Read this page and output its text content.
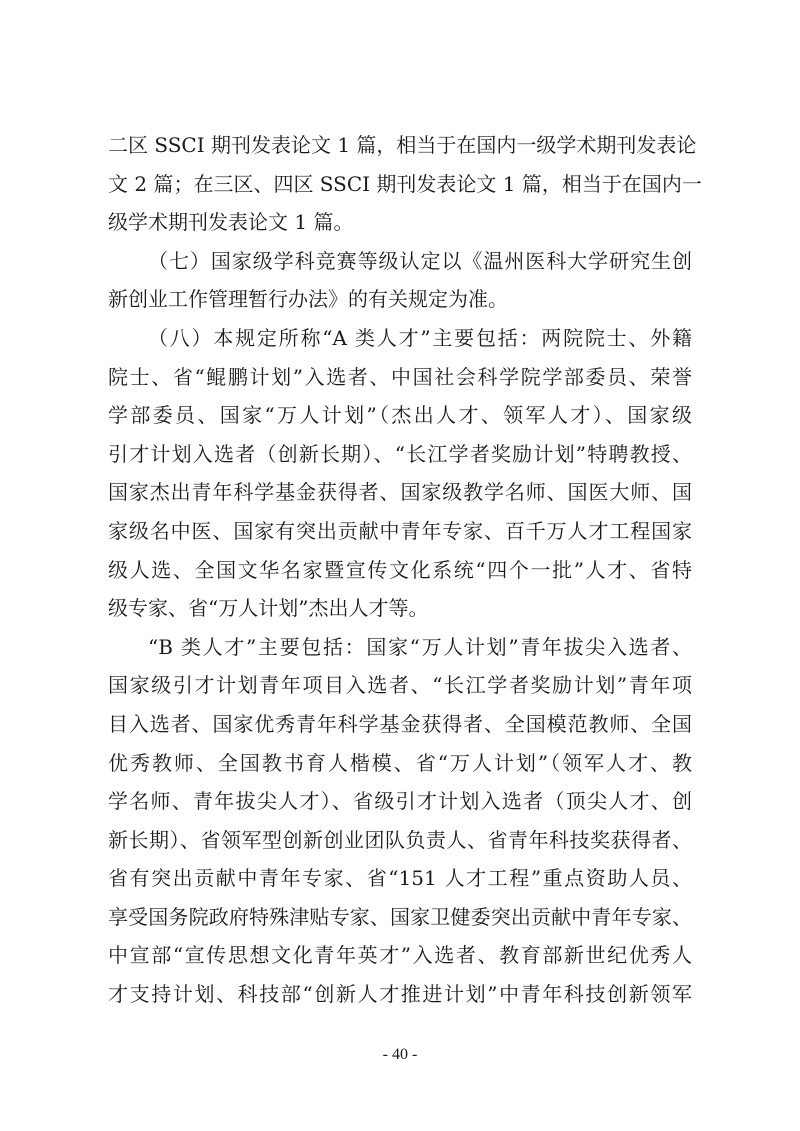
二区 SSCI 期刊发表论文 1 篇，相当于在国内一级学术期刊发表论
文 2 篇；在三区、四区 SSCI 期刊发表论文 1 篇，相当于在国内一
级学术期刊发表论文 1 篇。
（七）国家级学科竞赛等级认定以《温州医科大学研究生创
新创业工作管理暂行办法》的有关规定为准。
（八）本规定所称“A 类人才”主要包括：两院院士、外籍
院士、省“鲲鹏计划”入选者、中国社会科学院学部委员、荣誉
学部委员、国家“万人计划”（杰出人才、领军人才）、国家级
引才计划入选者（创新长期）、“长江学者奖励计划”特聘教授、
国家杰出青年科学基金获得者、国家级教学名师、国医大师、国
家级名中医、国家有突出贡献中青年专家、百千万人才工程国家
级人选、全国文华名家暨宣传文化系统“四个一批”人才、省特
级专家、省“万人计划”杰出人才等。
“B 类人才”主要包括：国家“万人计划”青年拔尖入选者、
国家级引才计划青年项目入选者、“长江学者奖励计划”青年项
目入选者、国家优秀青年科学基金获得者、全国模范教师、全国
优秀教师、全国教书育人楷模、省“万人计划”（领军人才、教
学名师、青年拔尖人才）、省级引才计划入选者（顶尖人才、创
新长期）、省领军型创新创业团队负责人、省青年科技奖获得者、
省有突出贡献中青年专家、省“151 人才工程”重点资助人员、
享受国务院政府特殊津贴专家、国家卫健委突出贡献中青年专家、
中宣部“宣传思想文化青年英才”入选者、教育部新世纪优秀人
才支持计划、科技部“创新人才推进计划”中青年科技创新领军
- 40 -
